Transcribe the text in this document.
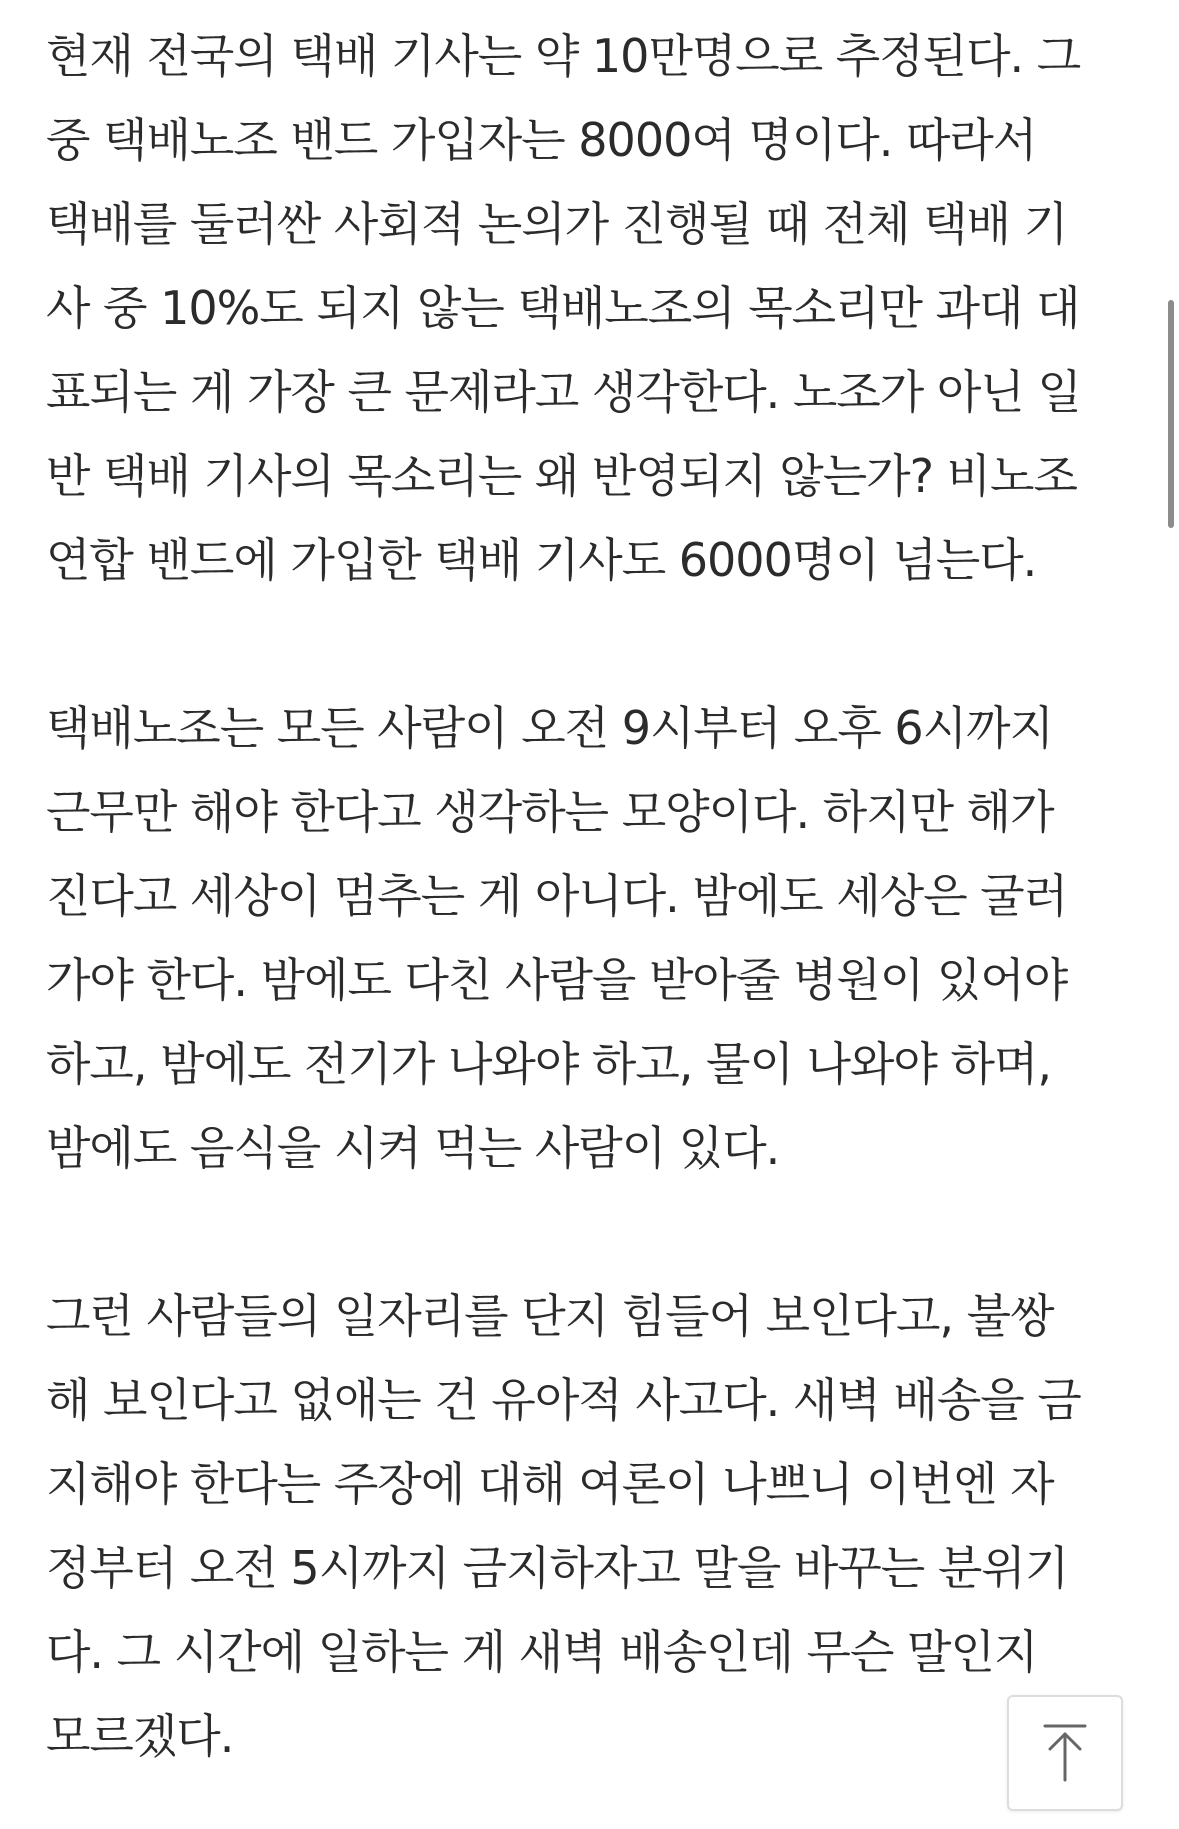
현재 전국의 택배 기사는 약 10만명으로 추정된다. 그
중 택배노조 밴드 가입자는 8000여 명이다. 따라서
택배를 둘러싼 사회적 논의가 진행될 때 전체 택배 기
사 중 10%도 되지 않는 택배노조의 목소리만 과대 대
표되는 게 가장 큰 문제라고 생각한다. 노조가 아닌 일
반 택배 기사의 목소리는 왜 반영되지 않는가? 비노조
연합 밴드에 가입한 택배 기사도 6000명이 넘는다.

택배노조는 모든 사람이 오전 9시부터 오후 6시까지
근무만 해야 한다고 생각하는 모양이다. 하지만 해가
진다고 세상이 멈추는 게 아니다. 밤에도 세상은 굴러
가야 한다. 밤에도 다친 사람을 받아줄 병원이 있어야
하고, 밤에도 전기가 나와야 하고, 물이 나와야 하며,
밤에도 음식을 시켜 먹는 사람이 있다.

그런 사람들의 일자리를 단지 힘들어 보인다고, 불쌍
해 보인다고 없애는 건 유아적 사고다. 새벽 배송을 금
지해야 한다는 주장에 대해 여론이 나쁘니 이번엔 자
정부터 오전 5시까지 금지하자고 말을 바꾸는 분위기
다. 그 시간에 일하는 게 새벽 배송인데 무슨 말인지
모르겠다.
